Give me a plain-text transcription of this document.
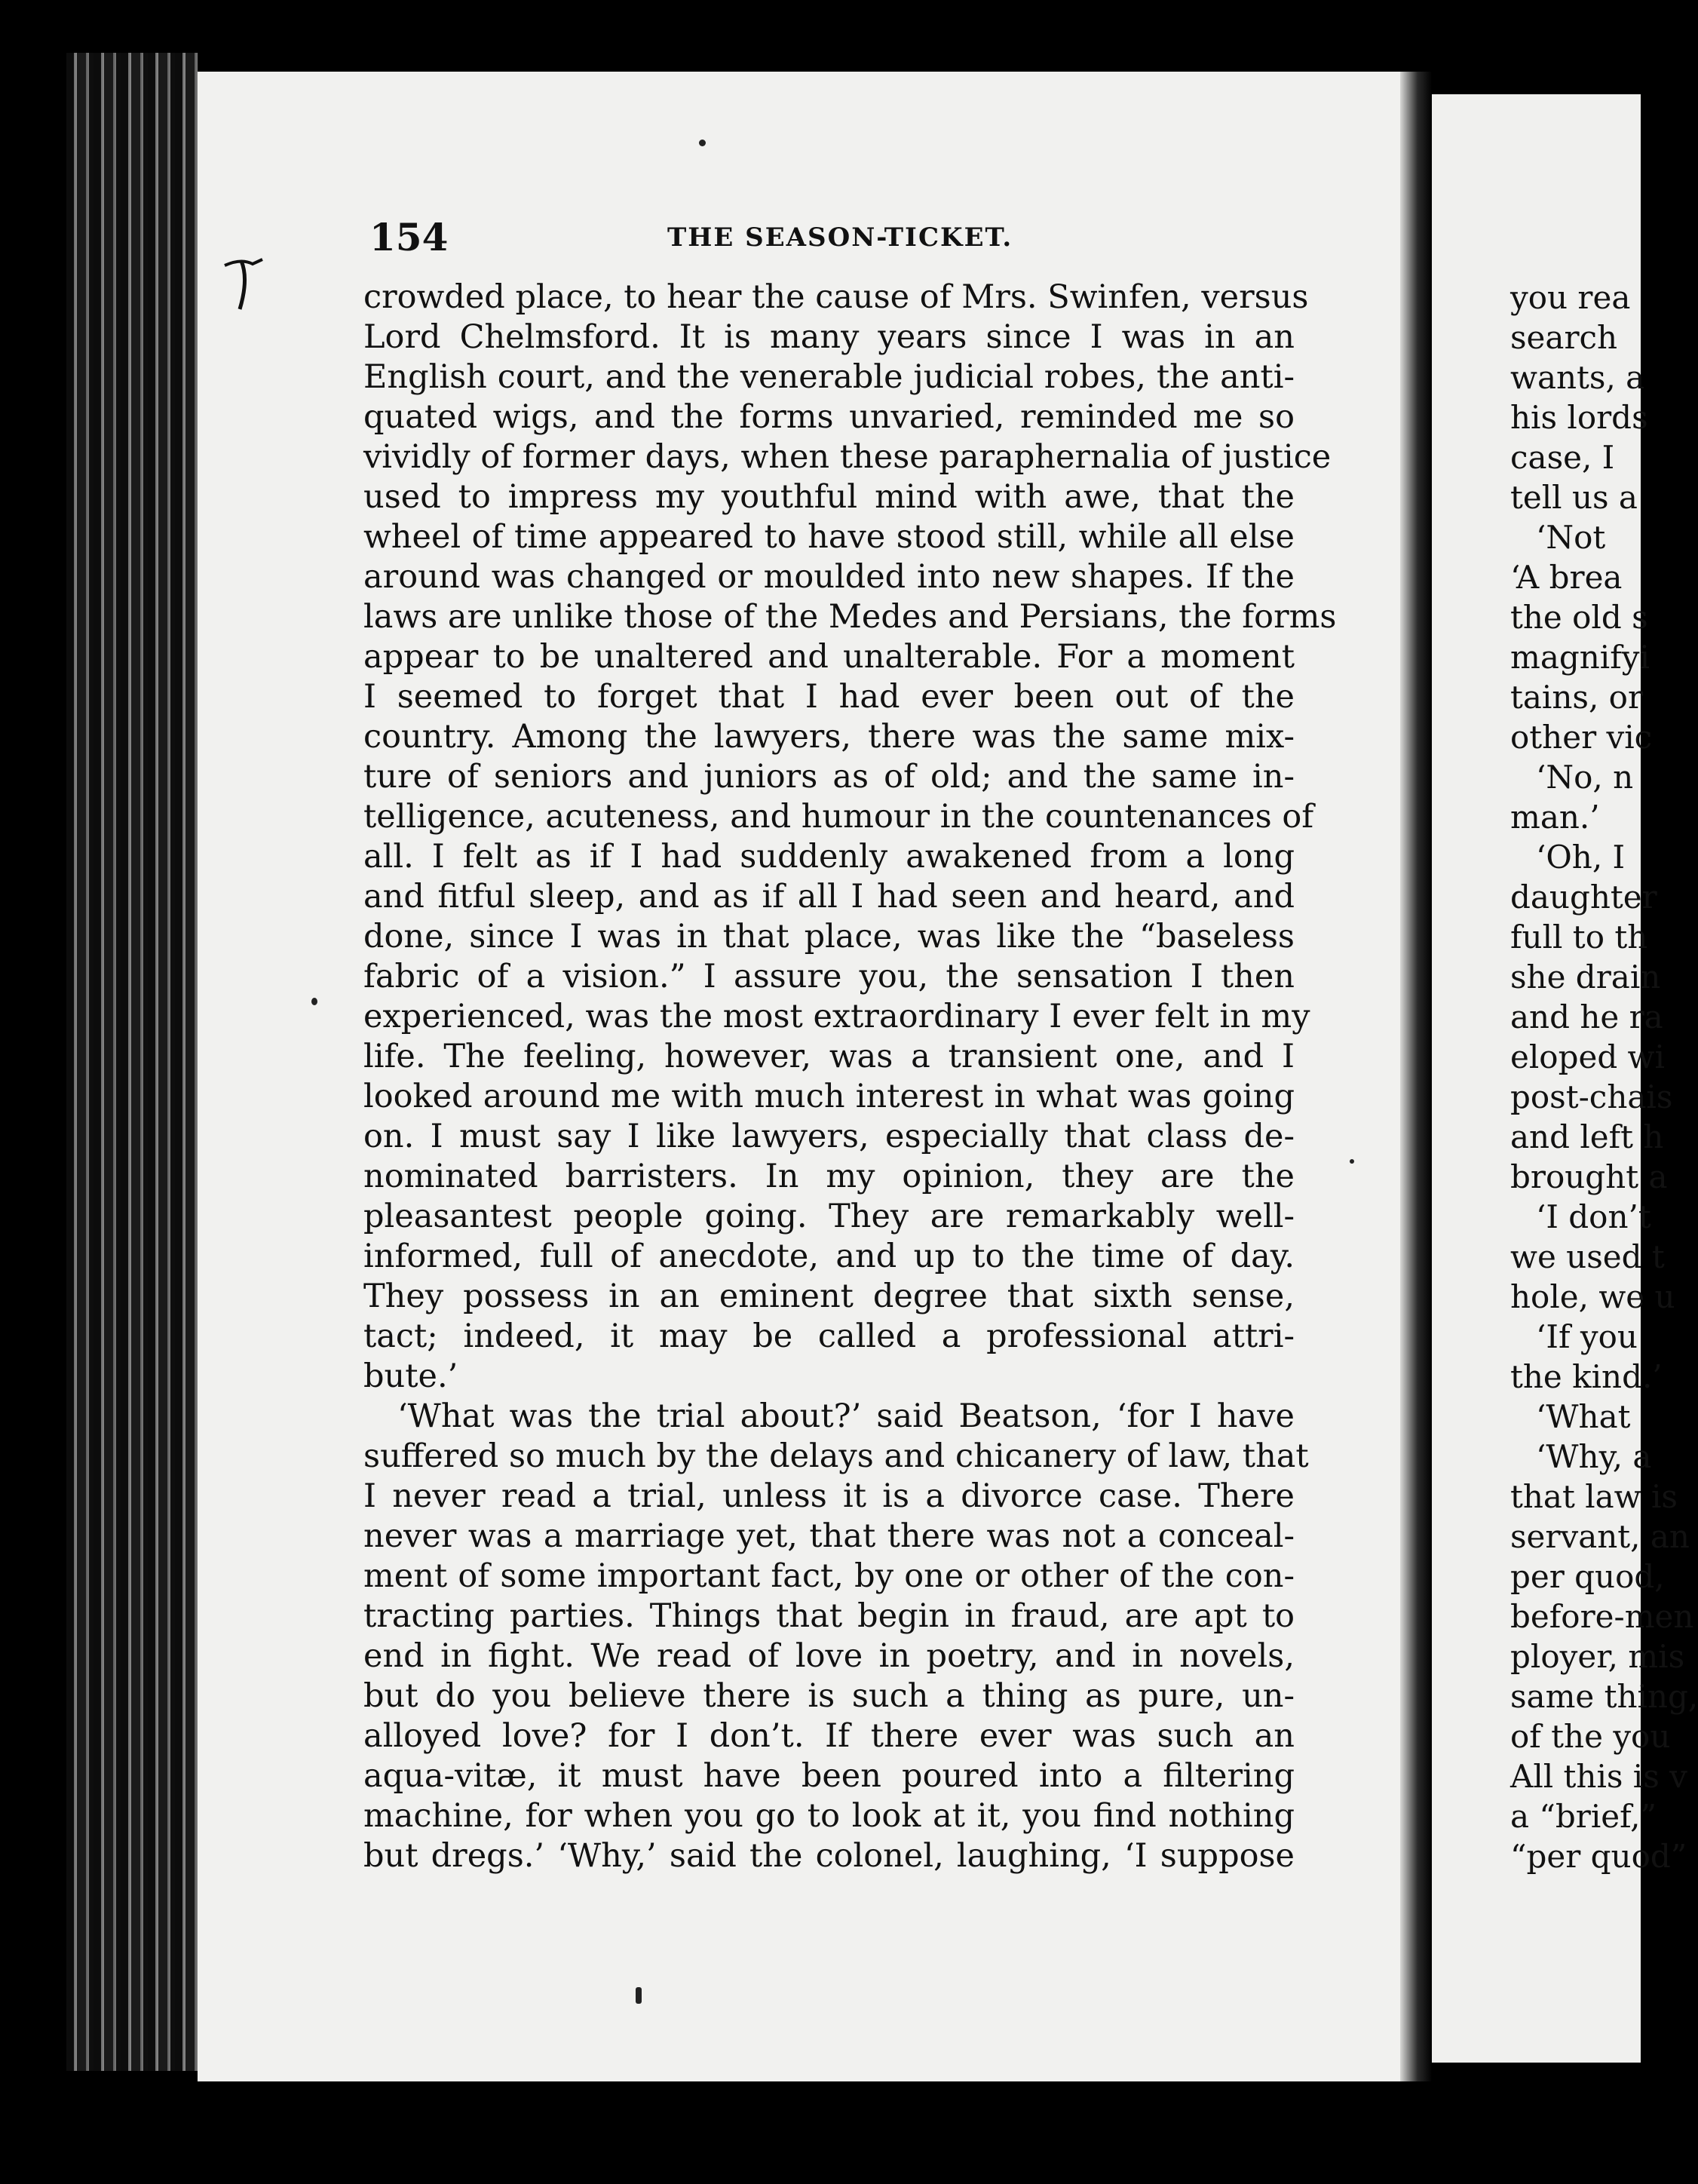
154	THE SEASON-TICKET.
crowded place, to hear the cause of Mrs. Swinfen, versus
Lord Chelmsford. It is many years since I was in an
English court, and the venerable judicial robes, the anti-
quated wigs, and the forms unvaried, reminded me so
vividly of former days, when these paraphernalia of justice
used to impress my youthful mind with awe, that the
wheel of time appeared to have stood still, while all else
around was changed or moulded into new shapes. If the
laws are unlike those of the Medes and Persians, the forms
appear to be unaltered and unalterable. For a moment
I seemed to forget that I had ever been out of the
country. Among the lawyers, there was the same mix-
ture of seniors and juniors as of old; and the same in-
telligence, acuteness, and humour in the countenances of
all. I felt as if I had suddenly awakened from a long
and fitful sleep, and as if all I had seen and heard, and
done, since I was in that place, was like the “baseless
fabric of a vision.” I assure you, the sensation I then
experienced, was the most extraordinary I ever felt in my
life. The feeling, however, was a transient one, and I
looked around me with much interest in what was going
on. I must say I like lawyers, especially that class de-
nominated barristers. In my opinion, they are the
pleasantest people going. They are remarkably well-
informed, full of anecdote, and up to the time of day.
They possess in an eminent degree that sixth sense,
tact; indeed, it may be called a professional attri-
bute.’
‘What was the trial about?’ said Beatson, ‘for I have
suffered so much by the delays and chicanery of law, that
I never read a trial, unless it is a divorce case. There
never was a marriage yet, that there was not a conceal-
ment of some important fact, by one or other of the con-
tracting parties. Things that begin in fraud, are apt to
end in fight. We read of love in poetry, and in novels,
but do you believe there is such a thing as pure, un-
alloyed love? for I don’t. If there ever was such an
aqua-vitæ, it must have been poured into a filtering
machine, for when you go to look at it, you find nothing
but dregs.’ ‘Why,’ said the colonel, laughing, ‘I suppose
you rea
search
wants, a
his lords
case, I
tell us a
‘Not
‘A brea
the old s
magnifyi
tains, or
other vic
‘No, n
man.’
‘Oh, I
daughter
full to th
she drain
and he ra
eloped wi
post-chais
and left h
brought a
‘I don’t
we used t
hole, we u
‘If you
the kind.’
‘What
‘Why, a
that law is
servant, an
per quod,
before-men
ployer, mis
same thing,
of the you
All this is v
a “brief,”
“per quod”
